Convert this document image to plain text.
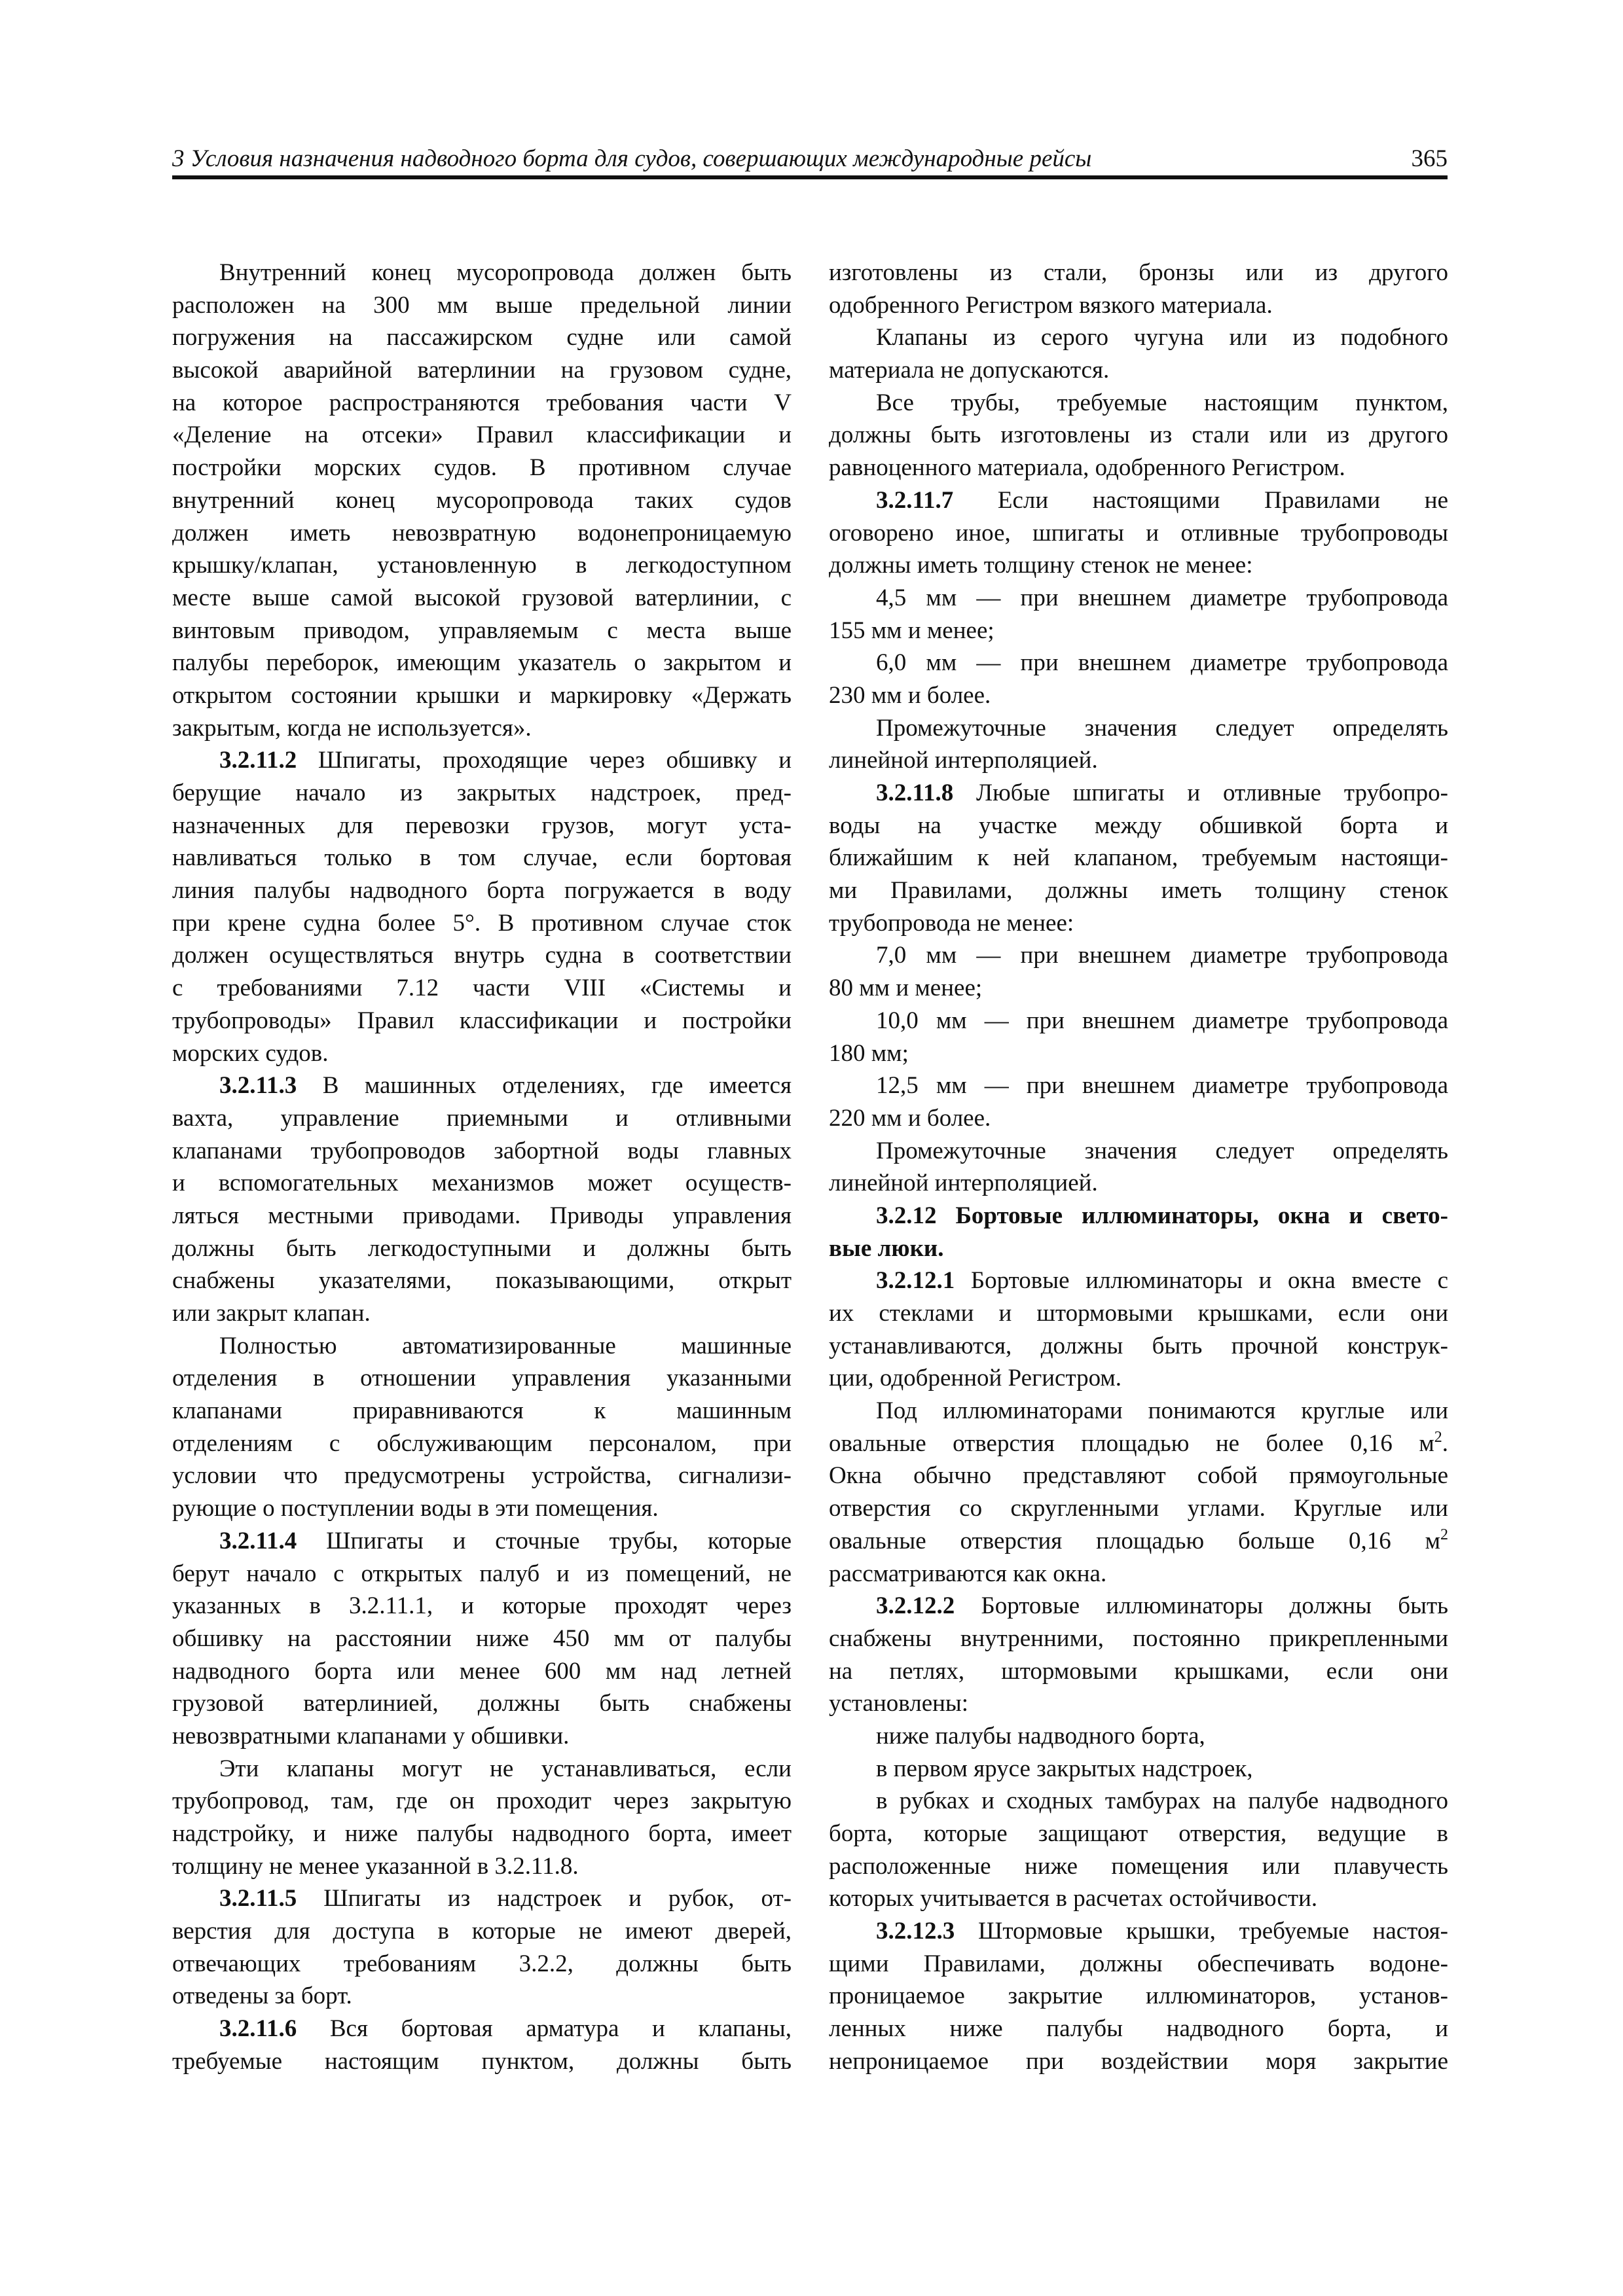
3 Условия назначения надводного борта для судов, совершающих международные рейсы	365
Внутренний конец мусоропровода должен быть
расположен на 300 мм выше предельной линии
погружения на пассажирском судне или самой
высокой аварийной ватерлинии на грузовом судне,
на которое распространяются требования части V
«Деление на отсеки» Правил классификации и
постройки морских судов. В противном случае
внутренний конец мусоропровода таких судов
должен иметь невозвратную водонепроницаемую
крышку/клапан, установленную в легкодоступном
месте выше самой высокой грузовой ватерлинии, с
винтовым приводом, управляемым с места выше
палубы переборок, имеющим указатель о закрытом и
открытом состоянии крышки и маркировку «Держать
закрытым, когда не используется».
3.2.11.2 Шпигаты, проходящие через обшивку и
берущие начало из закрытых надстроек, пред-
назначенных для перевозки грузов, могут уста-
навливаться только в том случае, если бортовая
линия палубы надводного борта погружается в воду
при крене судна более 5°. В противном случае сток
должен осуществляться внутрь судна в соответствии
с требованиями 7.12 части VIII «Системы и
трубопроводы» Правил классификации и постройки
морских судов.
3.2.11.3 В машинных отделениях, где имеется
вахта, управление приемными и отливными
клапанами трубопроводов забортной воды главных
и вспомогательных механизмов может осуществ-
ляться местными приводами. Приводы управления
должны быть легкодоступными и должны быть
снабжены указателями, показывающими, открыт
или закрыт клапан.
Полностью автоматизированные машинные
отделения в отношении управления указанными
клапанами приравниваются к машинным
отделениям с обслуживающим персоналом, при
условии что предусмотрены устройства, сигнализи-
рующие о поступлении воды в эти помещения.
3.2.11.4 Шпигаты и сточные трубы, которые
берут начало с открытых палуб и из помещений, не
указанных в 3.2.11.1, и которые проходят через
обшивку на расстоянии ниже 450 мм от палубы
надводного борта или менее 600 мм над летней
грузовой ватерлинией, должны быть снабжены
невозвратными клапанами у обшивки.
Эти клапаны могут не устанавливаться, если
трубопровод, там, где он проходит через закрытую
надстройку, и ниже палубы надводного борта, имеет
толщину не менее указанной в 3.2.11.8.
3.2.11.5 Шпигаты из надстроек и рубок, от-
верстия для доступа в которые не имеют дверей,
отвечающих требованиям 3.2.2, должны быть
отведены за борт.
3.2.11.6 Вся бортовая арматура и клапаны,
требуемые настоящим пунктом, должны быть
изготовлены из стали, бронзы или из другого
одобренного Регистром вязкого материала.
Клапаны из серого чугуна или из подобного
материала не допускаются.
Все трубы, требуемые настоящим пунктом,
должны быть изготовлены из стали или из другого
равноценного материала, одобренного Регистром.
3.2.11.7 Если настоящими Правилами не
оговорено иное, шпигаты и отливные трубопроводы
должны иметь толщину стенок не менее:
4,5 мм — при внешнем диаметре трубопровода
155 мм и менее;
6,0 мм — при внешнем диаметре трубопровода
230 мм и более.
Промежуточные значения следует определять
линейной интерполяцией.
3.2.11.8 Любые шпигаты и отливные трубопро-
воды на участке между обшивкой борта и
ближайшим к ней клапаном, требуемым настоящи-
ми Правилами, должны иметь толщину стенок
трубопровода не менее:
7,0 мм — при внешнем диаметре трубопровода
80 мм и менее;
10,0 мм — при внешнем диаметре трубопровода
180 мм;
12,5 мм — при внешнем диаметре трубопровода
220 мм и более.
Промежуточные значения следует определять
линейной интерполяцией.
3.2.12 Бортовые иллюминаторы, окна и свето-
вые люки.
3.2.12.1 Бортовые иллюминаторы и окна вместе с
их стеклами и штормовыми крышками, если они
устанавливаются, должны быть прочной конструк-
ции, одобренной Регистром.
Под иллюминаторами понимаются круглые или
овальные отверстия площадью не более 0,16 $м^2$.
Окна обычно представляют собой прямоугольные
отверстия со скругленными углами. Круглые или
овальные отверстия площадью больше 0,16 $м^2$
рассматриваются как окна.
3.2.12.2 Бортовые иллюминаторы должны быть
снабжены внутренними, постоянно прикрепленными
на петлях, штормовыми крышками, если они
установлены:
ниже палубы надводного борта,
в первом ярусе закрытых надстроек,
в рубках и сходных тамбурах на палубе надводного
борта, которые защищают отверстия, ведущие в
расположенные ниже помещения или плавучесть
которых учитывается в расчетах остойчивости.
3.2.12.3 Штормовые крышки, требуемые настоя-
щими Правилами, должны обеспечивать водоне-
проницаемое закрытие иллюминаторов, установ-
ленных ниже палубы надводного борта, и
непроницаемое при воздействии моря закрытие
